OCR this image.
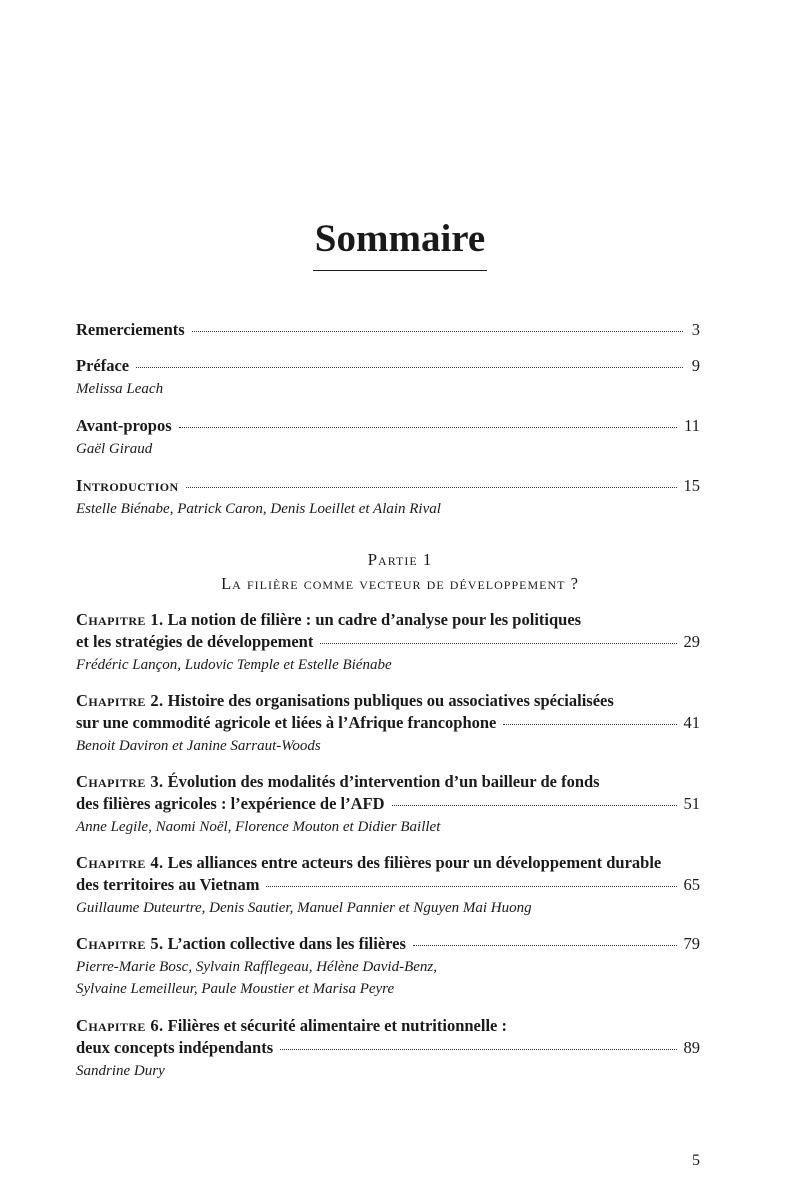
Sommaire
Remerciements	3
Préface	9
Melissa Leach
Avant-propos	11
Gaël Giraud
Introduction	15
Estelle Biénabe, Patrick Caron, Denis Loeillet et Alain Rival
Chapitre 1. La notion de filière : un cadre d’analyse pour les politiques
et les stratégies de développement	29
Frédéric Lançon, Ludovic Temple et Estelle Biénabe
Chapitre 2. Histoire des organisations publiques ou associatives spécialisées
sur une commodité agricole et liées à l’Afrique francophone	41
Benoit Daviron et Janine Sarraut-Woods
Chapitre 3. Évolution des modalités d’intervention d’un bailleur de fonds
des filières agricoles : l’expérience de l’AFD	51
Anne Legile, Naomi Noël, Florence Mouton et Didier Baillet
Chapitre 4. Les alliances entre acteurs des filières pour un développement durable
des territoires au Vietnam	65
Guillaume Duteurtre, Denis Sautier, Manuel Pannier et Nguyen Mai Huong
Chapitre 5. L’action collective dans les filières	79
Pierre-Marie Bosc, Sylvain Rafflegeau, Hélène David-Benz,
Sylvaine Lemeilleur, Paule Moustier et Marisa Peyre
Chapitre 6. Filières et sécurité alimentaire et nutritionnelle :
deux concepts indépendants	89
Sandrine Dury
Partie 1
La filière comme vecteur de développement ?
5
